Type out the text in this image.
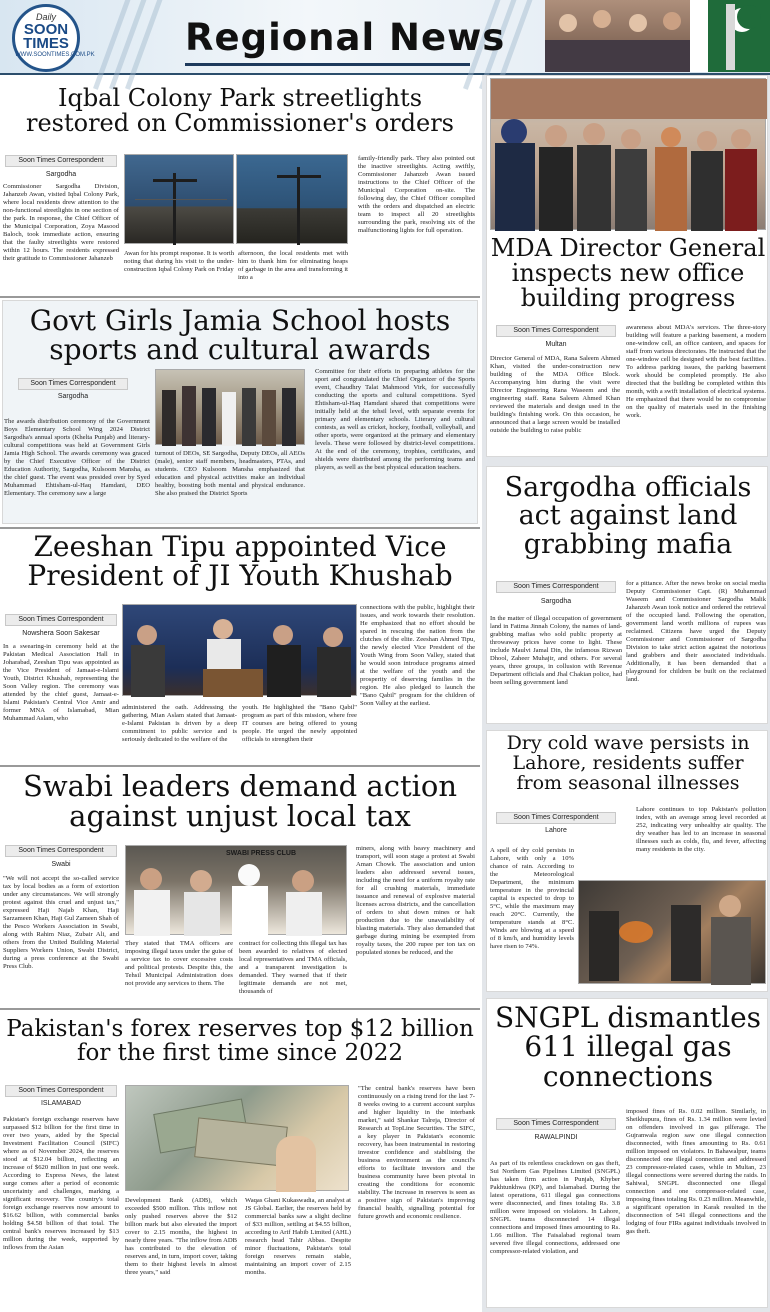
Daily
SOON
TIMES
WWW.SOONTIMES.COM.PK Regional News
Iqbal Colony Park streetlights restored on Commissioner's orders
Soon Times Correspondent
Sargodha
Commissioner Sargodha Division, Jahanzeb Awan, visited Iqbal Colony Park, where local residents drew attention to the non-functional streetlights in one section of the park. In response, the Chief Officer of the Municipal Corporation, Zoya Masood Baloch, took immediate action, ensuring that the faulty streetlights were restored within 12 hours. The residents expressed their gratitude to Commissioner Jahanzeb
Awan for his prompt response. It is worth noting that during his visit to the under-construction Iqbal Colony Park on Friday
afternoon, the local residents met with him to thank him for eliminating heaps of garbage in the area and transforming it into a
family-friendly park. They also pointed out the inactive streetlights. Acting swiftly, Commissioner Jahanzeb Awan issued instructions to the Chief Officer of the Municipal Corporation on-site. The following day, the Chief Officer complied with the orders and dispatched an electric team to inspect all 20 streetlights surrounding the park, resolving six of the malfunctioning lights for full operation.
Govt Girls Jamia School hosts sports and cultural awards
Soon Times Correspondent
Sargodha
The awards distribution ceremony of the Government Boys Elementary School Wing 2024 District Sargodha's annual sports (Khelta Punjab) and literary-cultural competitions was held at Government Girls Jamia High School. The awards ceremony was graced by the Chief Executive Officer of the District Education Authority, Sargodha, Kulsoom Mansha, as the chief guest. The event was presided over by Syed Muhammad Ehtisham-ul-Haq Hamdani, DEO Elementary. The ceremony saw a large
turnout of DEOs, SE Sargodha, Deputy DEOs, all AEOs (male), senior staff members, headmasters, PTAs, and students. CEO Kulsoom Mansha emphasized that education and physical activities make an individual healthy, boosting both mental and physical endurance. She also praised the District Sports
Committee for their efforts in preparing athletes for the sport and congratulated the Chief Organizer of the Sports event, Chaudhry Talat Mahmood Virk, for successfully conducting the sports and cultural competitions. Syed Ehtisham-ul-Haq Hamdani shared that competitions were initially held at the tehsil level, with separate events for primary and elementary schools. Literary and cultural contests, as well as cricket, hockey, football, volleyball, and other sports, were organized at the primary and elementary levels. These were followed by district-level competitions. At the end of the ceremony, trophies, certificates, and shields were distributed among the performing teams and players, as well as the best physical education teachers.
Zeeshan Tipu appointed Vice President of JI Youth Khushab
Soon Times Correspondent
Nowshera Soon Sakesar
In a swearing-in ceremony held at the Pakistan Medical Association Hall in Joharabad, Zeeshan Tipu was appointed as the Vice President of Jamaat-e-Islami Youth, District Khushab, representing the Soon Valley region. The ceremony was attended by the chief guest, Jamaat-e-Islami Pakistan's Central Vice Amir and former MNA of Islamabad, Mian Muhammad Aslam, who
administered the oath. Addressing the gathering, Mian Aslam stated that Jamaat-e-Islami Pakistan is driven by a deep commitment to public service and is seriously dedicated to the welfare of the
youth. He highlighted the "Bano Qabil" program as part of this mission, where free IT courses are being offered to young people. He urged the newly appointed officials to strengthen their
connections with the public, highlight their issues, and work towards their resolution. He emphasized that no effort should be spared in rescuing the nation from the clutches of the elite. Zeeshan Ahmed Tipu, the newly elected Vice President of the Youth Wing from Soon Valley, stated that he would soon introduce programs aimed at the welfare of the youth and the prosperity of deserving families in the region. He also pledged to launch the "Bano Qabil" program for the children of Soon Valley at the earliest.
Swabi leaders demand action against unjust local tax
Soon Times Correspondent
Swabi
"We will not accept the so-called service tax by local bodies as a form of extortion under any circumstances. We will strongly protest against this cruel and unjust tax," expressed Haji Najab Khan, Haji Sarzameen Khan, Haji Gul Zameen Shah of the Pesco Workers Association in Swabi, along with Rahim Niaz, Zubair Ali, and others from the United Building Material Suppliers Workers Union, Swabi District, during a press conference at the Swabi Press Club.
SWABI PRESS CLUB
They stated that TMA officers are imposing illegal taxes under the guise of a service tax to cover excessive costs and political protests. Despite this, the Tehsil Municipal Administration does not provide any services to them. The
contract for collecting this illegal tax has been awarded to relatives of elected local representatives and TMA officials, and a transparent investigation is demanded. They warned that if their legitimate demands are not met, thousands of
miners, along with heavy machinery and transport, will soon stage a protest at Swabi Aman Chowk. The association and union leaders also addressed several issues, including the need for a uniform royalty rate for all crushing materials, immediate issuance and renewal of explosive material licenses across districts, and the cancellation of orders to shut down mines or halt production due to the unavailability of blasting materials. They also demanded that garbage during mining be exempted from royalty taxes, the 200 rupee per ton tax on populated stones be reduced, and the
Pakistan's forex reserves top $12 billion for the first time since 2022
Soon Times Correspondent
ISLAMABAD
Pakistan's foreign exchange reserves have surpassed $12 billion for the first time in over two years, aided by the Special Investment Facilitation Council (SIFC) where as of November 2024, the reserves stood at $12.04 billion, reflecting an increase of $620 million in just one week. According to Express News, the latest surge comes after a period of economic uncertainty and challenges, marking a significant recovery. The country's total foreign exchange reserves now amount to $16.62 billion, with commercial banks holding $4.58 billion of that total. The central bank's reserves increased by $13 million during the week, supported by inflows from the Asian
Development Bank (ADB), which exceeded $500 million. This inflow not only pushed reserves above the $12 billion mark but also elevated the import cover to 2.15 months, the highest in nearly three years. "The inflow from ADB has contributed to the elevation of reserves and, in turn, import cover, taking them to their highest levels in almost three years," said
Waqas Ghani Kukaswadia, an analyst at JS Global. Earlier, the reserves held by commercial banks saw a slight decline of $33 million, settling at $4.55 billion, according to Arif Habib Limited (AHL) research head Tahir Abbas. Despite minor fluctuations, Pakistan's total foreign reserves remain stable, maintaining an import cover of 2.15 months.
"The central bank's reserves have been continuously on a rising trend for the last 7-8 weeks owing to a current account surplus and higher liquidity in the interbank market," said Shankar Talreja, Director of Research at TopLine Securities. The SIFC, a key player in Pakistan's economic recovery, has been instrumental in restoring investor confidence and stabilising the business environment as the council's efforts to facilitate investors and the business community have been pivotal in creating the conditions for economic stability. The increase in reserves is seen as a positive sign of Pakistan's improving financial health, signalling potential for future growth and economic resilience.
MDA Director General inspects new office building progress
Soon Times Correspondent
Multan
Director General of MDA, Rana Saleem Ahmed Khan, visited the under-construction new building of the MDA Office Block. Accompanying him during the visit were Director Engineering Rana Waseem and the engineering staff. Rana Saleem Ahmed Khan reviewed the materials and design used in the building's finishing work. On this occasion, he announced that a large screen would be installed outside the building to raise public
awareness about MDA's services. The three-story building will feature a parking basement, a modern one-window cell, an office canteen, and spaces for staff from various directorates. He instructed that the one-window cell be designed with the best facilities. To address parking issues, the parking basement work should be completed promptly. He also directed that the building be completed within this month, with a swift installation of electrical systems. He emphasized that there would be no compromise on the quality of materials used in the finishing work.
Sargodha officials act against land grabbing mafia
Soon Times Correspondent
Sargodha
In the matter of illegal occupation of government land in Fatima Jinnah Colony, the names of land-grabbing mafias who sold public property at throwaway prices have come to light. These include Maulvi Jamal Din, the infamous Rizwan Dhool, Zaheer Muhajir, and others. For several years, three groups, in collusion with Revenue Department officials and Jhal Chakian police, had been selling government land
for a pittance. After the news broke on social media Deputy Commissioner Capt. (R) Muhammad Waseem and Commissioner Sargodha Malik Jahanzeb Awan took notice and ordered the retrieval of the occupied land. Following the operation, government land worth millions of rupees was reclaimed. Citizens have urged the Deputy Commissioner and Commissioner of Sargodha Division to take strict action against the notorious land grabbers and their associated individuals. Additionally, it has been demanded that a playground for children be built on the reclaimed land.
Dry cold wave persists in Lahore, residents suffer from seasonal illnesses
Soon Times Correspondent
Lahore
A spell of dry cold persists in Lahore, with only a 10% chance of rain. According to the Meteorological Department, the minimum temperature in the provincial capital is expected to drop to 5°C, while the maximum may reach 20°C. Currently, the temperature stands at 8°C. Winds are blowing at a speed of 8 km/h, and humidity levels have risen to 74%.
Lahore continues to top Pakistan's pollution index, with an average smog level recorded at 252, indicating very unhealthy air quality. The dry weather has led to an increase in seasonal illnesses such as colds, flu, and fever, affecting many residents in the city.
SNGPL dismantles 611 illegal gas connections
Soon Times Correspondent
RAWALPINDI
As part of its relentless crackdown on gas theft, Sui Northern Gas Pipelines Limited (SNGPL) has taken firm action in Punjab, Khyber Pakhtunkhwa (KP), and Islamabad. During the latest operations, 611 illegal gas connections were disconnected, and fines totaling Rs. 3.8 million were imposed on violators. In Lahore, SNGPL teams disconnected 14 illegal connections and imposed fines amounting to Rs. 1.66 million. The Faisalabad regional team severed five illegal connections, addressed one compressor-related violation, and
imposed fines of Rs. 0.02 million. Similarly, in Sheikhupura, fines of Rs. 1.34 million were levied on offenders involved in gas pilferage. The Gujranwala region saw one illegal connection disconnected, with fines amounting to Rs. 0.61 million imposed on violators. In Bahawalpur, teams disconnected one illegal connection and addressed 23 compressor-related cases, while in Multan, 23 illegal connections were severed during the raids. In Sahiwal, SNGPL disconnected one illegal connection and one compressor-related case, imposing fines totaling Rs. 0.23 million. Meanwhile, a significant operation in Karak resulted in the disconnection of 541 illegal connections and the lodging of four FIRs against individuals involved in gas theft.
